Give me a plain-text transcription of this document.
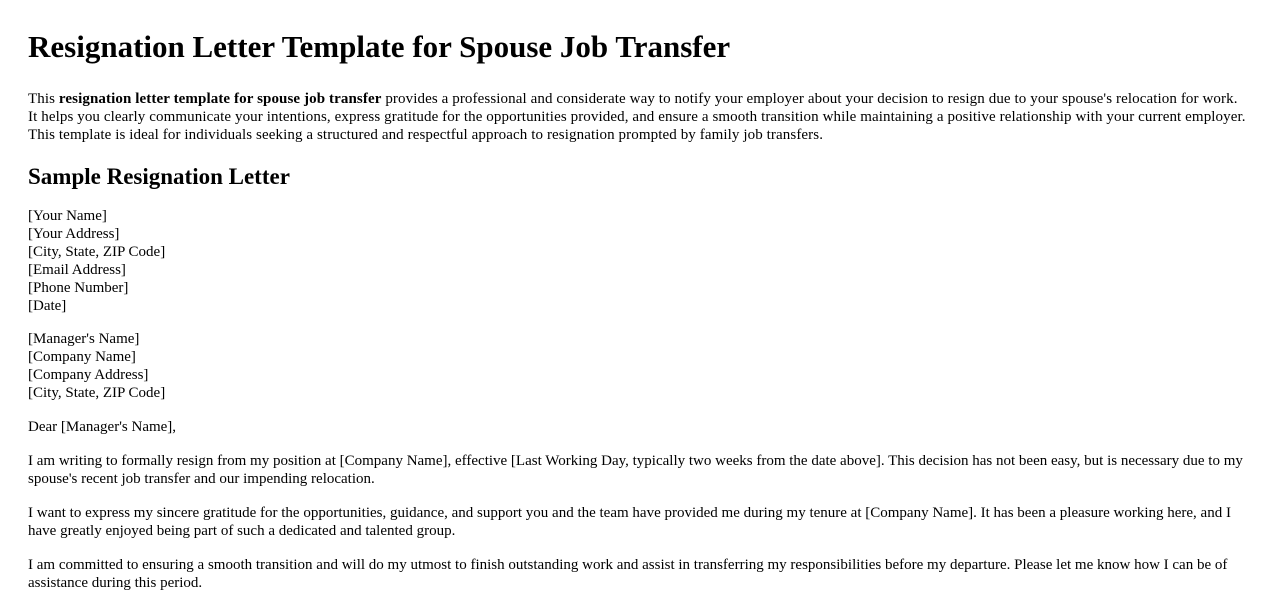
Resignation Letter Template for Spouse Job Transfer

This resignation letter template for spouse job transfer provides a professional and considerate way to notify your employer about your decision to resign due to your spouse's relocation for work. It helps you clearly communicate your intentions, express gratitude for the opportunities provided, and ensure a smooth transition while maintaining a positive relationship with your current employer. This template is ideal for individuals seeking a structured and respectful approach to resignation prompted by family job transfers.

Sample Resignation Letter
[Your Name]
[Your Address]
[City, State, ZIP Code]
[Email Address]
[Phone Number]
[Date]
[Manager's Name]
[Company Name]
[Company Address]
[City, State, ZIP Code]

Dear [Manager's Name],

I am writing to formally resign from my position at [Company Name], effective [Last Working Day, typically two weeks from the date above]. This decision has not been easy, but is necessary due to my spouse's recent job transfer and our impending relocation.

I want to express my sincere gratitude for the opportunities, guidance, and support you and the team have provided me during my tenure at [Company Name]. It has been a pleasure working here, and I have greatly enjoyed being part of such a dedicated and talented group.

I am committed to ensuring a smooth transition and will do my utmost to finish outstanding work and assist in transferring my responsibilities before my departure. Please let me know how I can be of assistance during this period.
